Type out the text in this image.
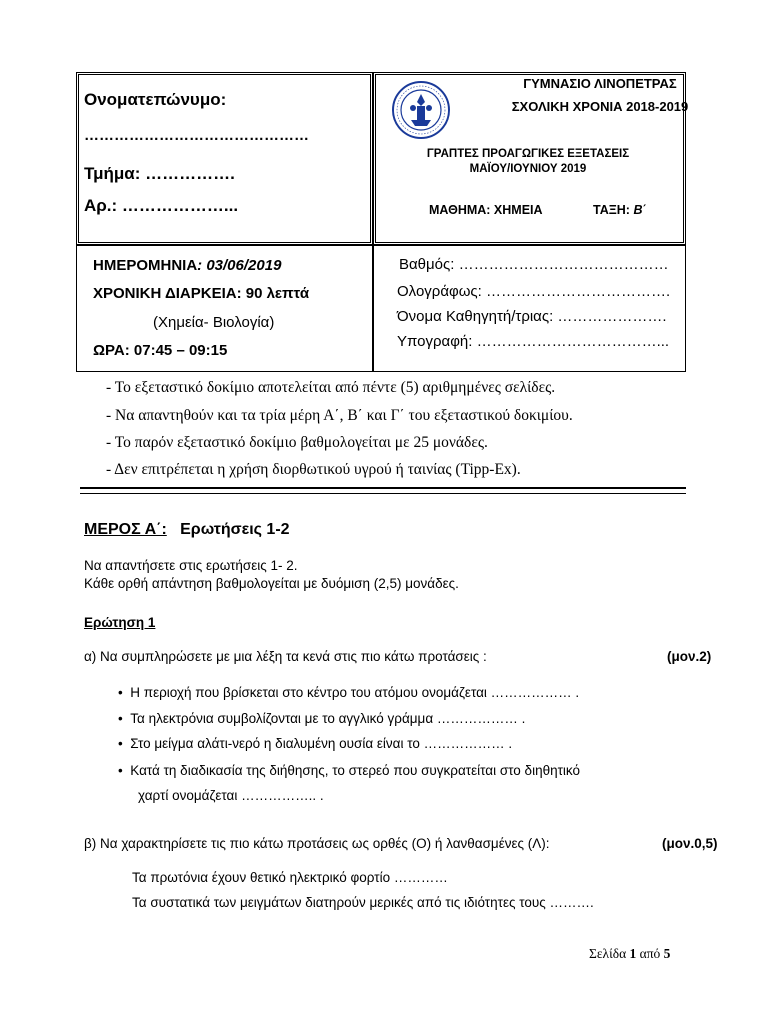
Ονοματεπώνυμο:
………………………………………
Τμήμα: …………….
Αρ.: ………………...
ΓΥΜΝΑΣΙΟ ΛΙΝΟΠΕΤΡΑΣ
ΣΧΟΛΙΚΗ ΧΡΟΝΙΑ 2018-2019
ΓΡΑΠΤΕΣ ΠΡΟΑΓΩΓΙΚΕΣ ΕΞΕΤΑΣΕΙΣ
ΜΑΪΟΥ/ΙΟΥΝΙΟΥ 2019
ΜΑΘΗΜΑ: ΧΗΜΕΙΑ	ΤΑΞΗ: Β΄
ΗΜΕΡΟΜΗΝΙΑ: 03/06/2019
ΧΡΟΝΙΚΗ ΔΙΑΡΚΕΙΑ: 90 λεπτά
(Χημεία- Βιολογία)
ΩΡΑ: 07:45 – 09:15
Βαθμός: ……………………………………
Ολογράφως: ……………………………….
Όνομα Καθηγητή/τριας: ………………….
Υπογραφή: ………………………………...
- Το εξεταστικό δοκίμιο αποτελείται από πέντε (5) αριθμημένες σελίδες.
- Να απαντηθούν και τα τρία μέρη Α΄, Β΄ και Γ΄ του εξεταστικού δοκιμίου.
- Το παρόν εξεταστικό δοκίμιο βαθμολογείται με 25 μονάδες.
- Δεν επιτρέπεται η χρήση διορθωτικού υγρού ή ταινίας (Tipp-Ex).
ΜΕΡΟΣ Α΄: Ερωτήσεις 1-2
Να απαντήσετε στις ερωτήσεις 1- 2.
Κάθε ορθή απάντηση βαθμολογείται με δυόμιση (2,5) μονάδες.
Ερώτηση 1
α) Να συμπληρώσετε με μια λέξη τα κενά στις πιο κάτω προτάσεις :	(μον.2)
• Η περιοχή που βρίσκεται στο κέντρο του ατόμου ονομάζεται ……………… .
• Τα ηλεκτρόνια συμβολίζονται με το αγγλικό γράμμα ……………… .
• Στο μείγμα αλάτι-νερό η διαλυμένη ουσία είναι το ……………… .
• Κατά τη διαδικασία της διήθησης, το στερεό που συγκρατείται στο διηθητικό
χαρτί ονομάζεται …………….. .
β) Να χαρακτηρίσετε τις πιο κάτω προτάσεις ως ορθές (Ο) ή λανθασμένες (Λ):	(μον.0,5)
Τα πρωτόνια έχουν θετικό ηλεκτρικό φορτίο …………
Τα συστατικά των μειγμάτων διατηρούν μερικές από τις ιδιότητες τους ……….
Σελίδα 1 από 5
